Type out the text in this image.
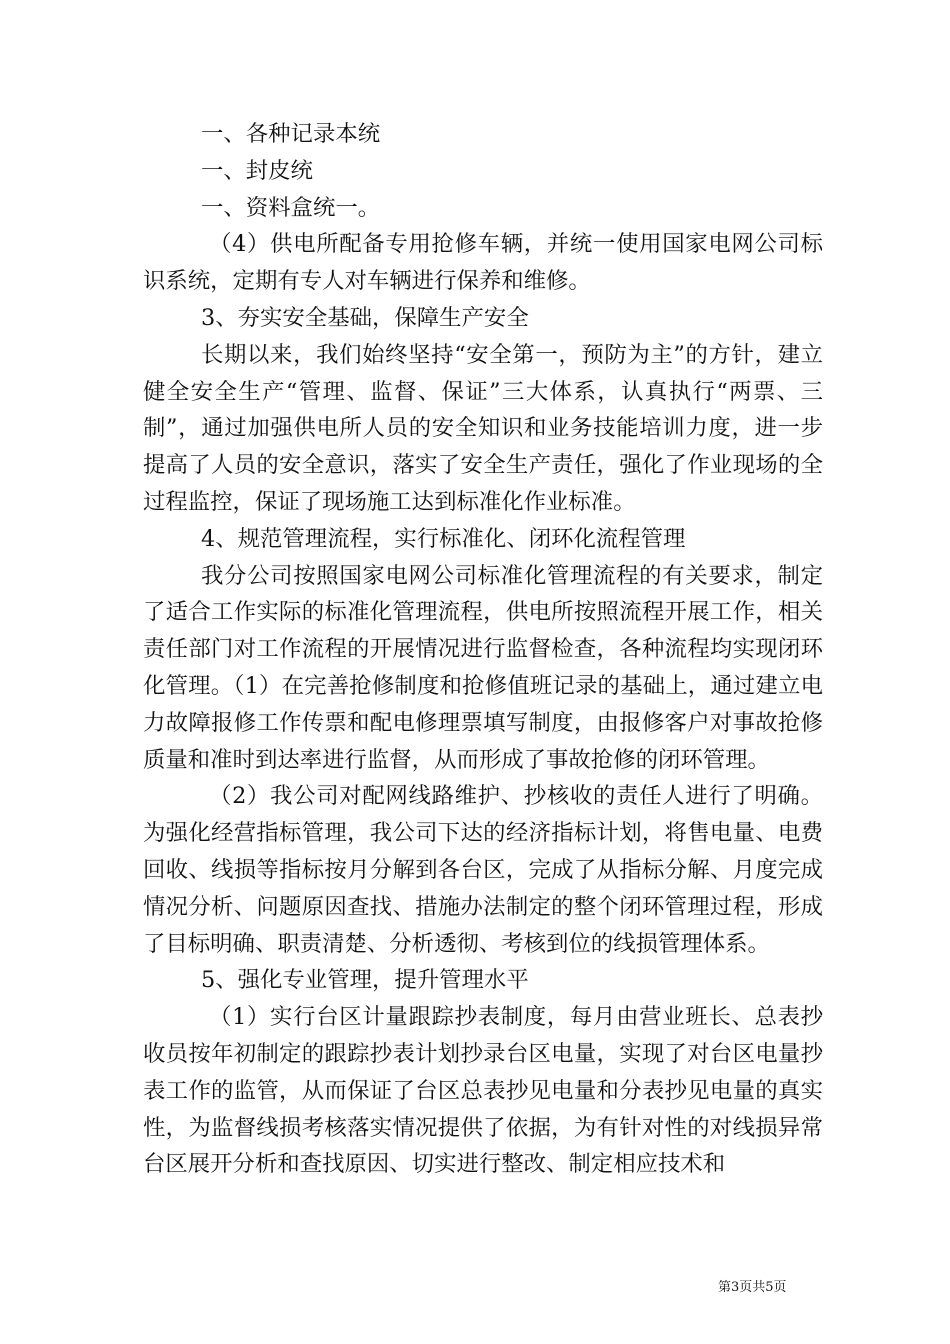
一、各种记录本统

一、封皮统

一、资料盒统一。

（4）供电所配备专用抢修车辆，并统一使用国家电网公司标识系统，定期有专人对车辆进行保养和维修。

3、夯实安全基础，保障生产安全

长期以来，我们始终坚持“安全第一，预防为主”的方针，建立健全安全生产“管理、监督、保证”三大体系，认真执行“两票、三制”，通过加强供电所人员的安全知识和业务技能培训力度，进一步提高了人员的安全意识，落实了安全生产责任，强化了作业现场的全过程监控，保证了现场施工达到标准化作业标准。

4、规范管理流程，实行标准化、闭环化流程管理

我分公司按照国家电网公司标准化管理流程的有关要求，制定了适合工作实际的标准化管理流程，供电所按照流程开展工作，相关责任部门对工作流程的开展情况进行监督检查，各种流程均实现闭环化管理。（1）在完善抢修制度和抢修值班记录的基础上，通过建立电力故障报修工作传票和配电修理票填写制度，由报修客户对事故抢修质量和准时到达率进行监督，从而形成了事故抢修的闭环管理。

（2）我公司对配网线路维护、抄核收的责任人进行了明确。为强化经营指标管理，我公司下达的经济指标计划，将售电量、电费回收、线损等指标按月分解到各台区，完成了从指标分解、月度完成情况分析、问题原因查找、措施办法制定的整个闭环管理过程，形成了目标明确、职责清楚、分析透彻、考核到位的线损管理体系。

5、强化专业管理，提升管理水平

（1）实行台区计量跟踪抄表制度，每月由营业班长、总表抄收员按年初制定的跟踪抄表计划抄录台区电量，实现了对台区电量抄表工作的监管，从而保证了台区总表抄见电量和分表抄见电量的真实性，为监督线损考核落实情况提供了依据，为有针对性的对线损异常台区展开分析和查找原因、切实进行整改、制定相应技术和

第3页共5页
